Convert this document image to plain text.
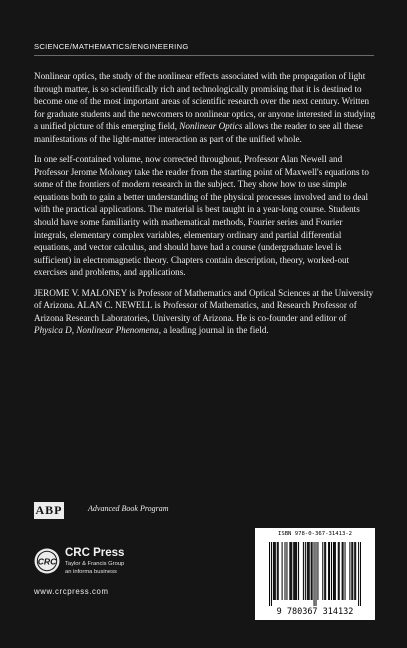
SCIENCE/MATHEMATICS/ENGINEERING

Nonlinear optics, the study of the nonlinear effects associated with the propagation of light through matter, is so scientifically rich and technologically promising that it is destined to become one of the most important areas of scientific research over the next century. Written for graduate students and the newcomers to nonlinear optics, or anyone interested in studying a unified picture of this emerging field, Nonlinear Optics allows the reader to see all these manifestations of the light-matter interaction as part of the unified whole.

In one self-contained volume, now corrected throughout, Professor Alan Newell and Professor Jerome Moloney take the reader from the starting point of Maxwell's equations to some of the frontiers of modern research in the subject. They show how to use simple equations both to gain a better understanding of the physical processes involved and to deal with the practical applications. The material is best taught in a year-long course. Students should have some familiarity with mathematical methods, Fourier series and Fourier integrals, elementary complex variables, elementary ordinary and partial differential equations, and vector calculus, and should have had a course (undergraduate level is sufficient) in electromagnetic theory. Chapters contain description, theory, worked-out exercises and problems, and applications.

JEROME V. MALONEY is Professor of Mathematics and Optical Sciences at the University of Arizona. ALAN C. NEWELL is Professor of Mathematics, and Research Professor of Arizona Research Laboratories, University of Arizona. He is co-founder and editor of Physica D, Nonlinear Phenomena, a leading journal in the field.

ABP	Advanced Book Program
CRC
CRC Press
Taylor & Francis Group
an informa business
www.crcpress.com
ISBN 978-0-367-31413-2
9 780367 314132
